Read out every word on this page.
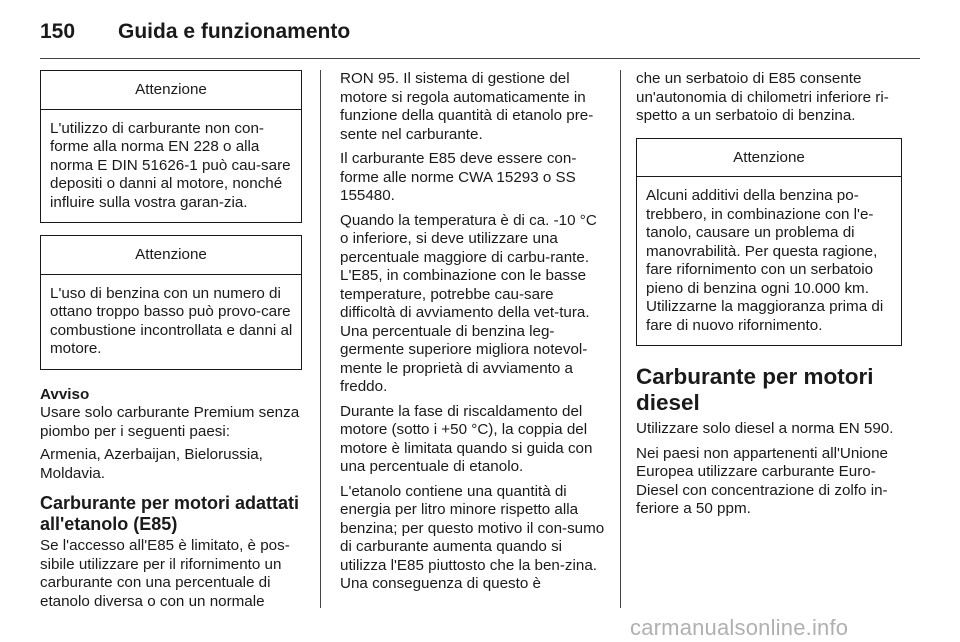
150 Guida e funzionamento
Attenzione
L'utilizzo di carburante non con-forme alla norma EN 228 o alla norma E DIN 51626-1 può cau-sare depositi o danni al motore, nonché influire sulla vostra garan-zia.
Attenzione
L'uso di benzina con un numero di ottano troppo basso può provo-care combustione incontrollata e danni al motore.
Avviso

Usare solo carburante Premium senza piombo per i seguenti paesi:

Armenia, Azerbaijan, Bielorussia, Moldavia.

Carburante per motori adattati all'etanolo (E85)

Se l'accesso all'E85 è limitato, è pos-sibile utilizzare per il rifornimento un carburante con una percentuale di etanolo diversa o con un normale

RON 95. Il sistema di gestione del motore si regola automaticamente in funzione della quantità di etanolo pre-sente nel carburante.

Il carburante E85 deve essere con-forme alle norme CWA 15293 o SS 155480.

Quando la temperatura è di ca. -10 °C o inferiore, si deve utilizzare una percentuale maggiore di carbu-rante. L'E85, in combinazione con le basse temperature, potrebbe cau-sare difficoltà di avviamento della vet-tura. Una percentuale di benzina leg-germente superiore migliora notevol-mente le proprietà di avviamento a freddo.

Durante la fase di riscaldamento del motore (sotto i +50 °C), la coppia del motore è limitata quando si guida con una percentuale di etanolo.

L'etanolo contiene una quantità di energia per litro minore rispetto alla benzina; per questo motivo il con-sumo di carburante aumenta quando si utilizza l'E85 piuttosto che la ben-zina. Una conseguenza di questo è

che un serbatoio di E85 consente un'autonomia di chilometri inferiore ri-spetto a un serbatoio di benzina.

Attenzione
Alcuni additivi della benzina po-trebbero, in combinazione con l'e-tanolo, causare un problema di manovrabilità. Per questa ragione, fare rifornimento con un serbatoio pieno di benzina ogni 10.000 km. Utilizzarne la maggioranza prima di fare di nuovo rifornimento.
Carburante per motori diesel

Utilizzare solo diesel a norma EN 590.

Nei paesi non appartenenti all'Unione Europea utilizzare carburante Euro-Diesel con concentrazione di zolfo in-feriore a 50 ppm.

carmanualsonline.info
